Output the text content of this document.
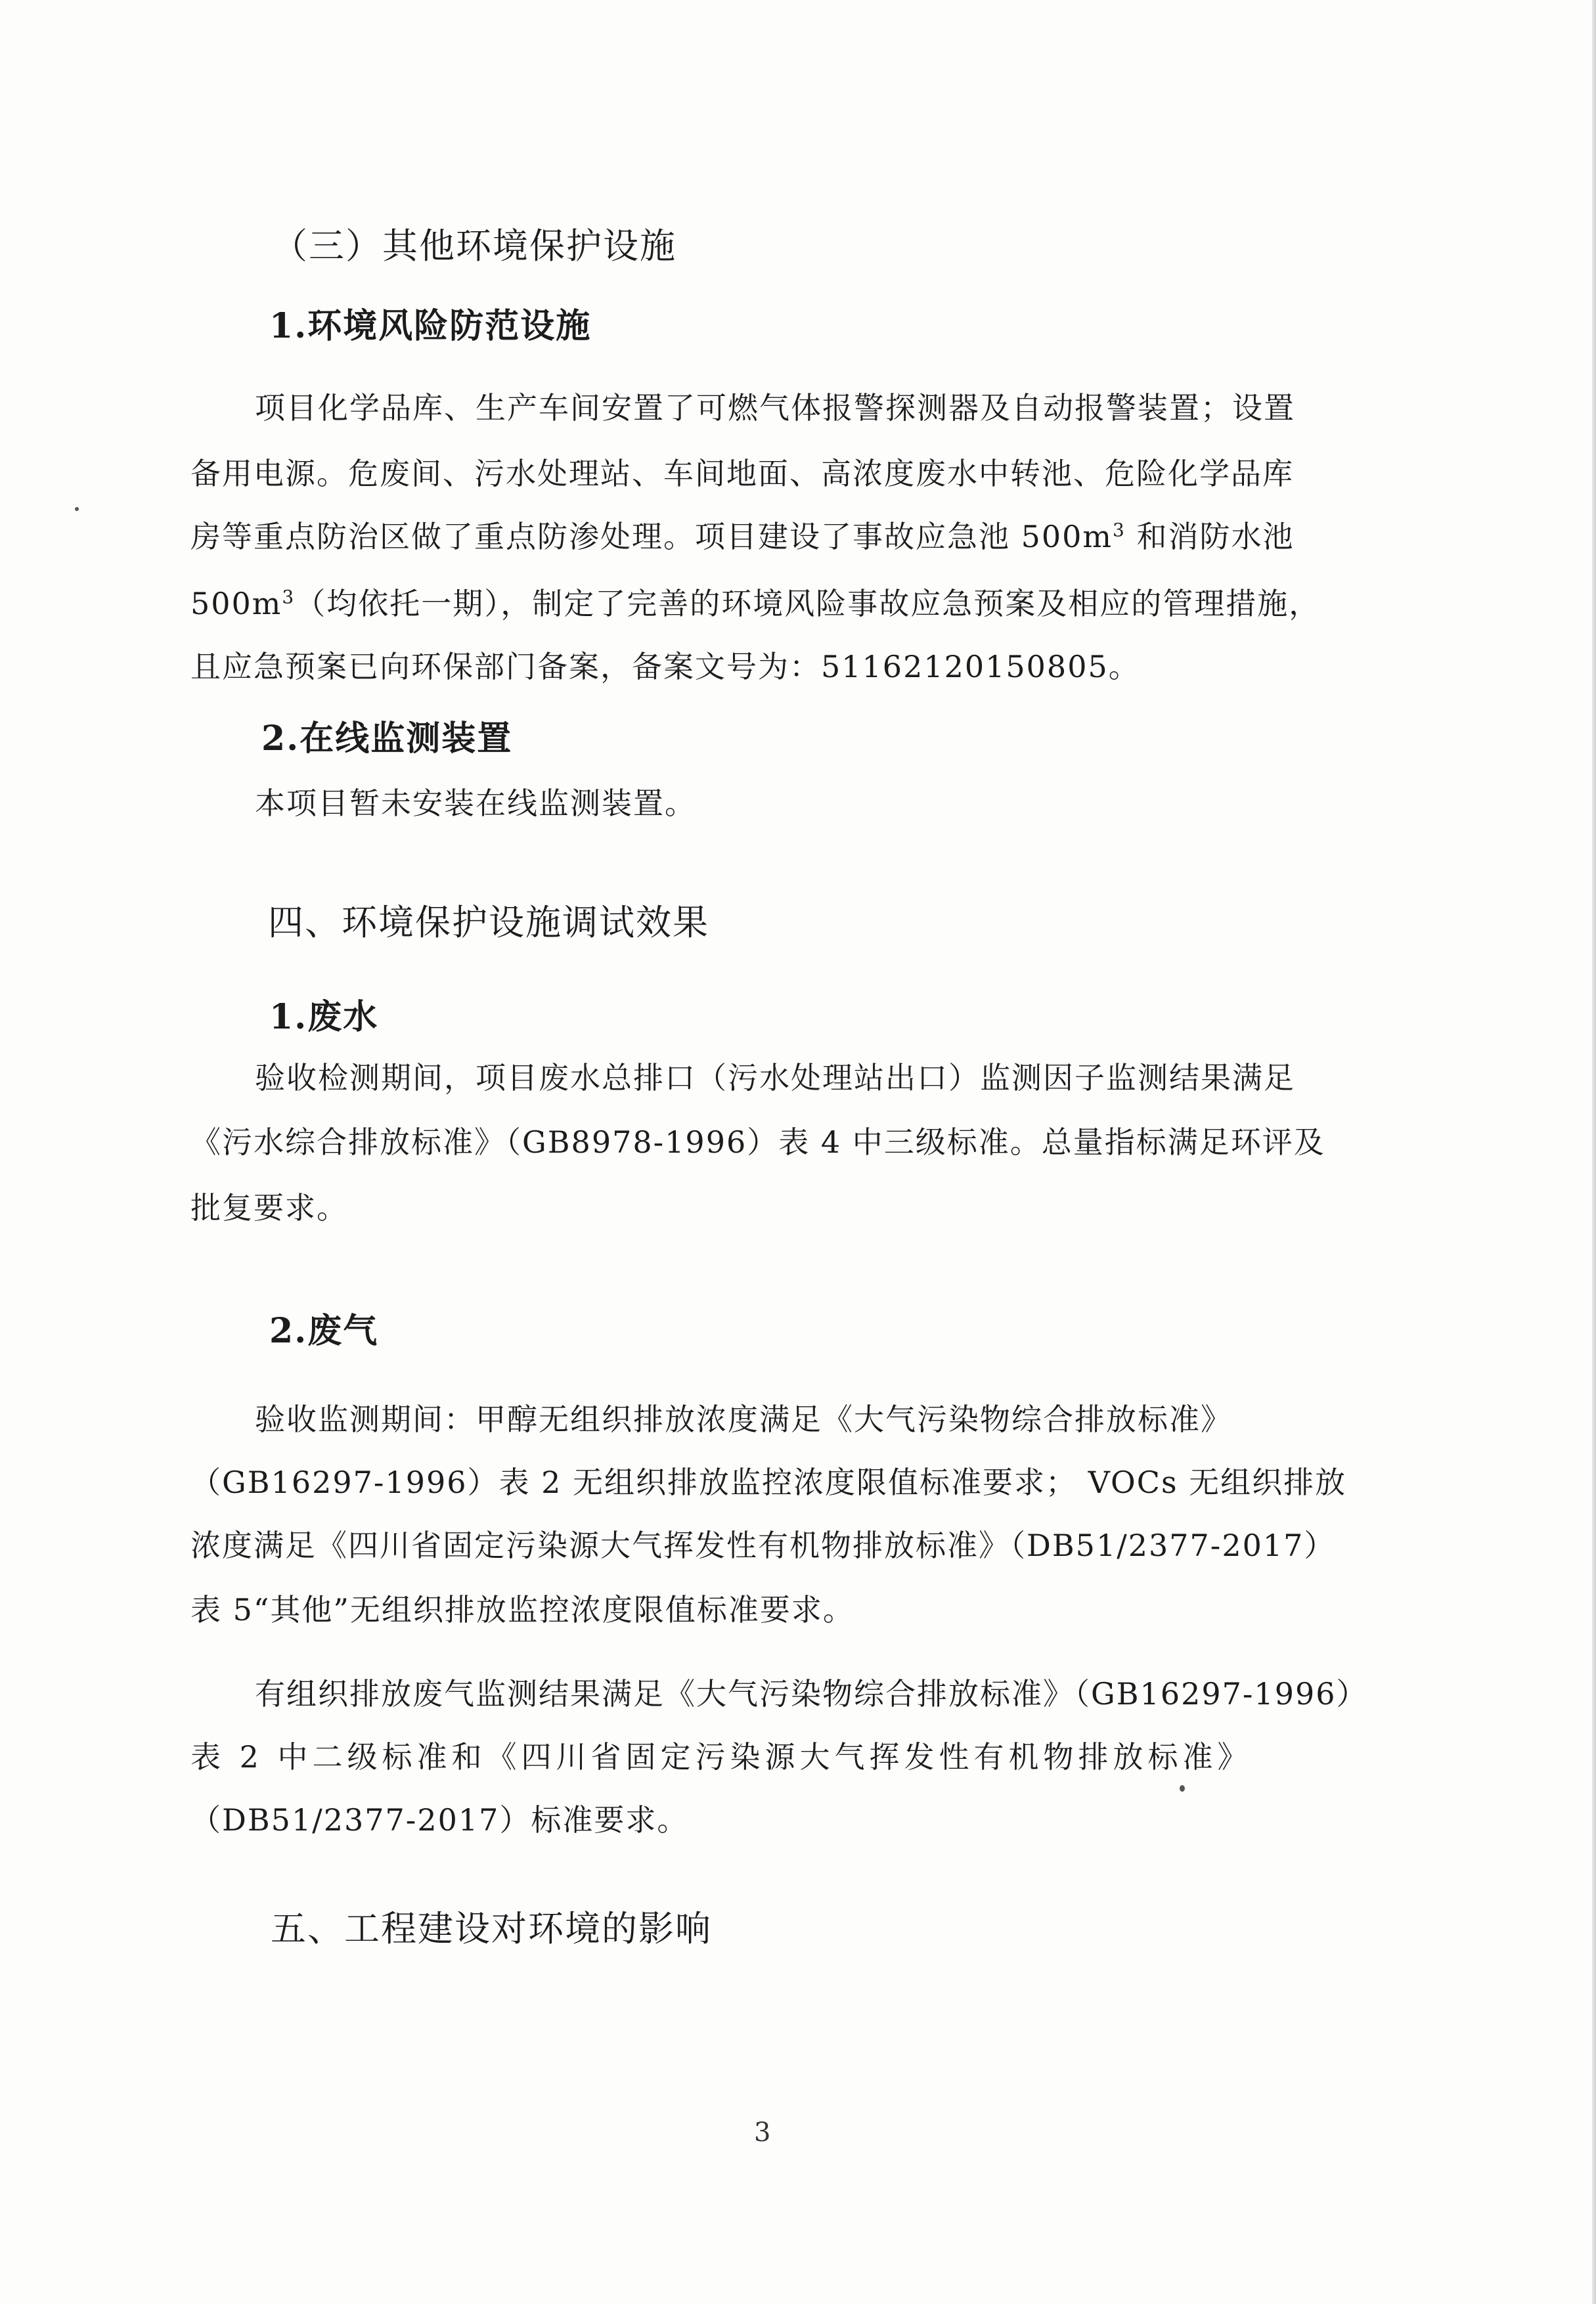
（三）其他环境保护设施
1.环境风险防范设施
项目化学品库、生产车间安置了可燃气体报警探测器及自动报警装置；设置
备用电源。危废间、污水处理站、车间地面、高浓度废水中转池、危险化学品库
房等重点防治区做了重点防渗处理。项目建设了事故应急池 $500m^3$ 和消防水池
$500m^3$（均依托一期），制定了完善的环境风险事故应急预案及相应的管理措施，
且应急预案已向环保部门备案，备案文号为：51162120150805。
2.在线监测装置
本项目暂未安装在线监测装置。
四、环境保护设施调试效果
1.废水
验收检测期间，项目废水总排口（污水处理站出口）监测因子监测结果满足
《污水综合排放标准》（GB8978-1996）表 4 中三级标准。总量指标满足环评及
批复要求。
2.废气
验收监测期间：甲醇无组织排放浓度满足《大气污染物综合排放标准》
（GB16297-1996）表 2 无组织排放监控浓度限值标准要求； VOCs 无组织排放
浓度满足《四川省固定污染源大气挥发性有机物排放标准》（DB51/2377-2017）
表 5“其他”无组织排放监控浓度限值标准要求。
有组织排放废气监测结果满足《大气污染物综合排放标准》（GB16297-1996）
表 2 中二级标准和《四川省固定污染源大气挥发性有机物排放标准》
（DB51/2377-2017）标准要求。
五、工程建设对环境的影响
3
